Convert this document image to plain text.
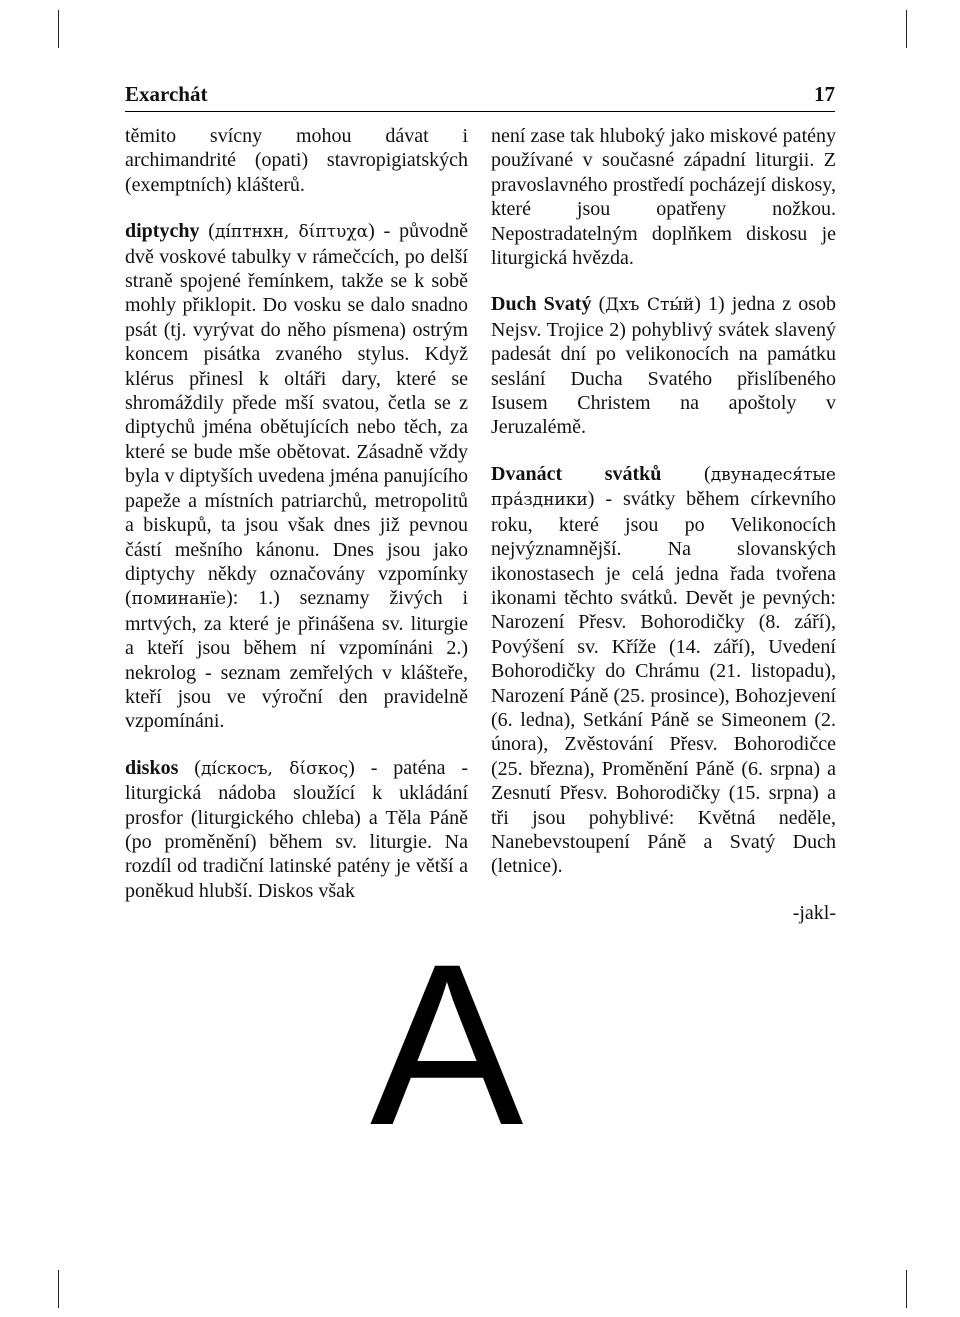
Exarchát	17

těmito svícny mohou dávat i archimandrité (opati) stavropigiatských (exemptních) klášterů.

diptychy (ді́птнхн, δίπτυχα) - původně dvě voskové tabulky v rámečcích, po delší straně spojené řemínkem, takže se k sobě mohly přiklopit. Do vosku se dalo snadno psát (tj. vyrývat do něho písmena) ostrým koncem pisátka zvaného stylus. Když klérus přinesl k oltáři dary, které se shromáždily přede mší svatou, četla se z diptychů jména obětujících nebo těch, za které se bude mše obětovat. Zásadně vždy byla v diptyších uvedena jména panujícího papeže a místních patriarchů, metropolitů a biskupů, ta jsou však dnes již pevnou částí mešního kánonu. Dnes jsou jako diptychy někdy označovány vzpomínky (поминанїе): 1.) seznamy živých i mrtvých, za které je přinášena sv. liturgie a kteří jsou během ní vzpomínáni 2.) nekrolog - seznam zemřelých v klášteře, kteří jsou ve výroční den pravidelně vzpomínáni.

diskos (ді́скосъ, δίσκος) - paténa - liturgická nádoba sloužící k ukládání prosfor (liturgického chleba) a Těla Páně (po proměnění) během sv. liturgie. Na rozdíl od tradiční latinské patény je větší a poněkud hlubší. Diskos však

není zase tak hluboký jako miskové patény používané v současné západní liturgii. Z pravoslavného prostředí pocházejí diskosy, které jsou opatřeny nožkou. Nepostradatelným doplňkem diskosu je liturgická hvězda.

Duch Svatý (Дхъ Сты́й) 1) jedna z osob Nejsv. Trojice 2) pohyblivý svátek slavený padesát dní po velikonocích na památku seslání Ducha Svatého přislíbeného Isusem Christem na apoštoly v Jeruzalémě.

Dvanáct svátků (двунадеся́тые пра́здники) - svátky během církevního roku, které jsou po Velikonocích nejvýznamnější. Na slovanských ikonostasech je celá jedna řada tvořena ikonami těchto svátků. Devět je pevných: Narození Přesv. Bohorodičky (8. září), Povýšení sv. Kříže (14. září), Uvedení Bohorodičky do Chrámu (21. listopadu), Narození Páně (25. prosince), Bohozjevení (6. ledna), Setkání Páně se Simeonem (2. února), Zvěstování Přesv. Bohorodičce (25. března), Proměnění Páně (6. srpna) a Zesnutí Přesv. Bohorodičky (15. srpna) a tři jsou pohyblivé: Květná neděle, Nanebevstoupení Páně a Svatý Duch (letnice).

-jakl-

A
